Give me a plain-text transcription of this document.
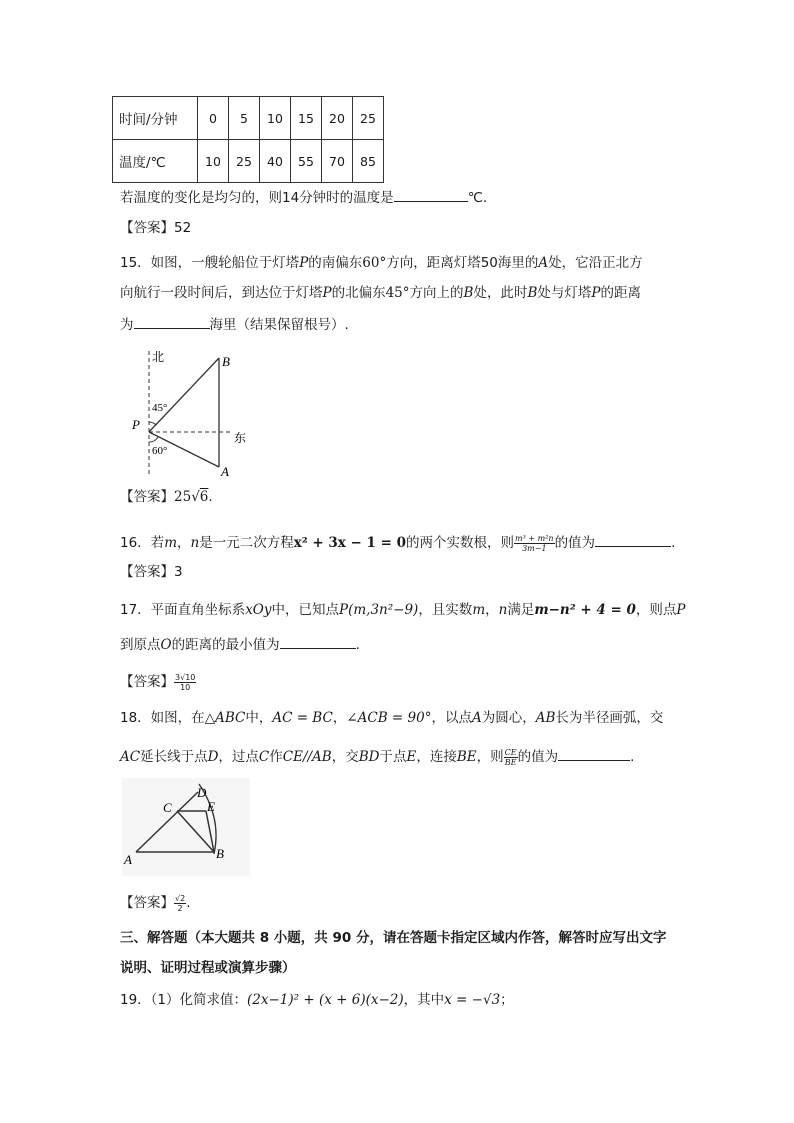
时间/分钟	0	5	10	15	20	25
温度/℃	10	25	40	55	70	85
若温度的变化是均匀的，则14分钟时的温度是	℃.
【答案】52
15．如图，一艘轮船位于灯塔P的南偏东60°方向，距离灯塔50海里的A处，它沿正北方
向航行一段时间后，到达位于灯塔P的北偏东45°方向上的B处，此时B处与灯塔P的距离
为	海里（结果保留根号）.
北
东
P
B
A
45°
60°
【答案】25√6.
16．若m，n是一元二次方程x² + 3x − 1 = 0的两个实数根，则 $\frac{\text{m³ + m²n}}{3m-1}$ 的值为	.
【答案】3
17．平面直角坐标系xOy中，已知点P(m,3n²−9)，且实数m，n满足m−n² + 4 = 0，则点P
到原点O的距离的最小值为	.
【答案】 $\frac{3√10}{10}$
18．如图，在△ABC中，AC = BC，∠ACB = 90°，以点A为圆心，AB长为半径画弧，交
AC延长线于点D，过点C作CE//AB，交BD于点E，连接BE，则 $\frac{CE}{BE}$ 的值为	.
A	B
C
D
E
【答案】 $\frac{√2}{2}$ .
三、解答题（本大题共 8 小题，共 90 分，请在答题卡指定区域内作答，解答时应写出文字
说明、证明过程或演算步骤）
19．（1）化简求值：(2x−1)² + (x + 6)(x−2)，其中x = −√3；
